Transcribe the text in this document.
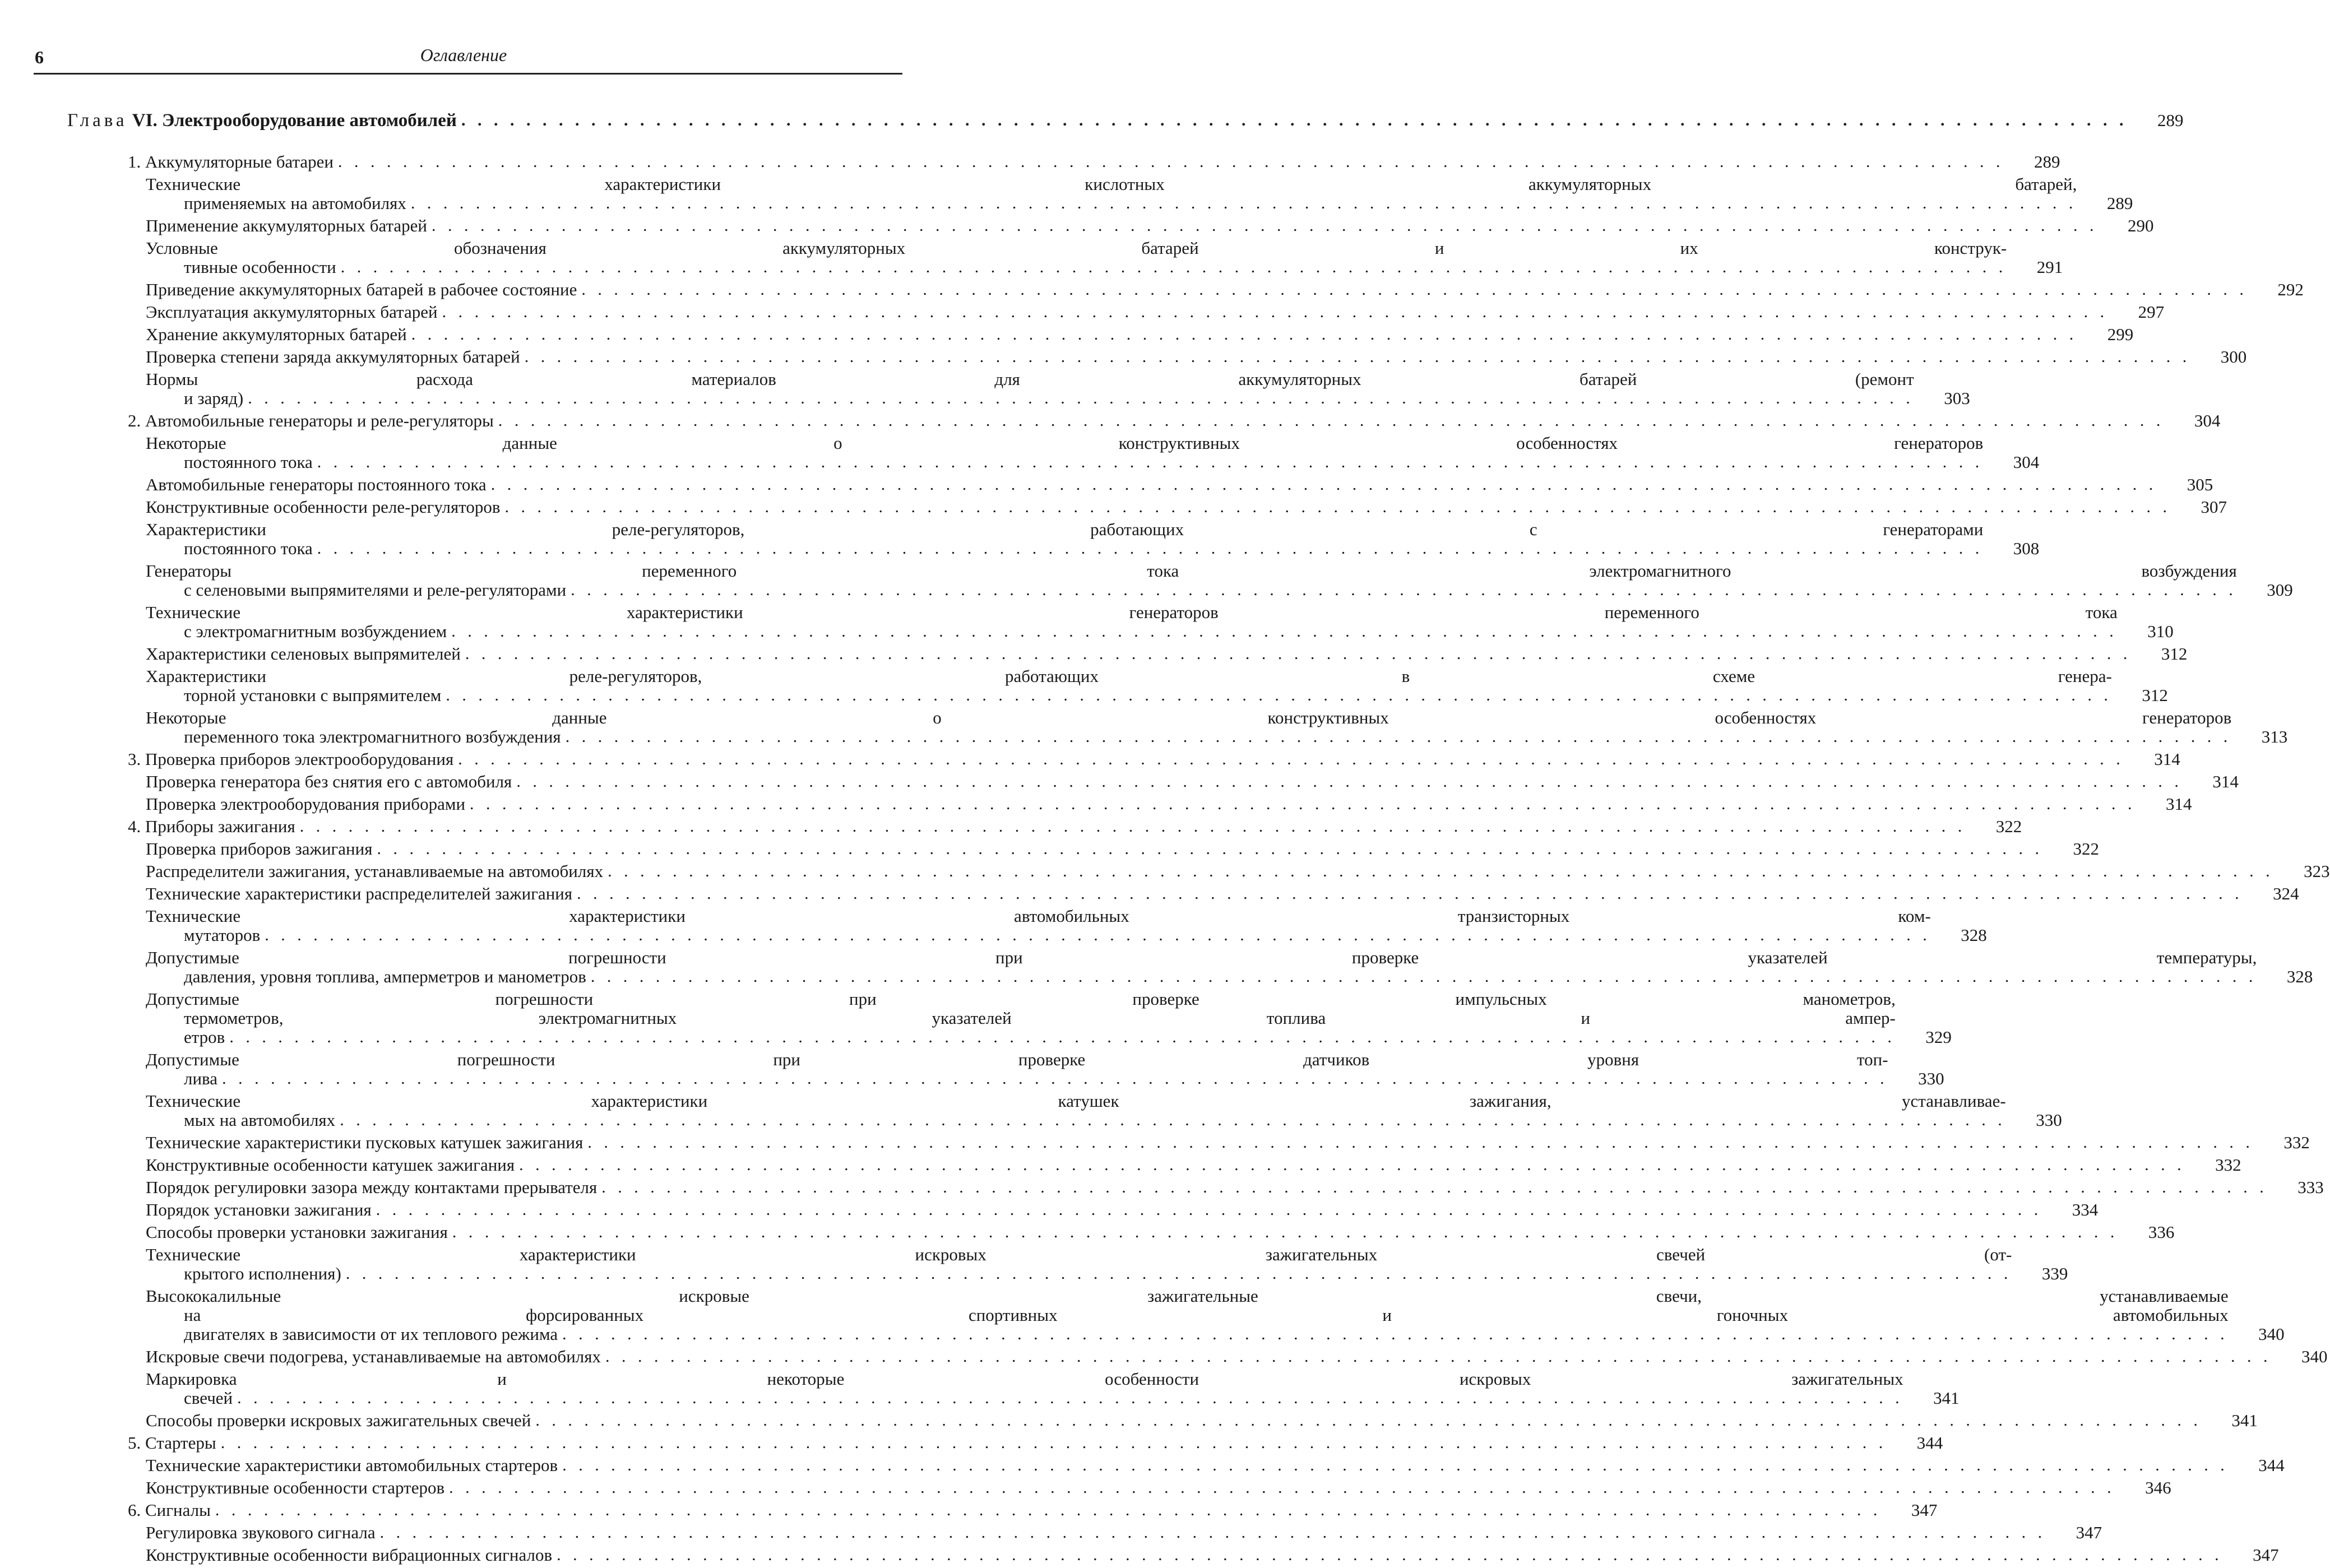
6	Оглавление
Глава VI. Электрооборудование автомобилей . . .	289
1. Аккумуляторные батареи . . .	289
Технические характеристики кислотных аккумуляторных батарей,
применяемых на автомобилях . . .	289
Применение аккумуляторных батарей . . .	290
Условные обозначения аккумуляторных батарей и их конструк-
тивные особенности . . .	291
Приведение аккумуляторных батарей в рабочее состояние . . .	292
Эксплуатация аккумуляторных батарей . . .	297
Хранение аккумуляторных батарей . . .	299
Проверка степени заряда аккумуляторных батарей . . .	300
Нормы расхода материалов для аккумуляторных батарей (ремонт
и заряд) . . .	303
2. Автомобильные генераторы и реле-регуляторы . . .	304
Некоторые данные о конструктивных особенностях генераторов
постоянного тока . . .	304
Автомобильные генераторы постоянного тока . . .	305
Конструктивные особенности реле-регуляторов . . .	307
Характеристики реле-регуляторов, работающих с генераторами
постоянного тока . . .	308
Генераторы переменного тока электромагнитного возбуждения
с селеновыми выпрямителями и реле-регуляторами . . .	309
Технические характеристики генераторов переменного тока
с электромагнитным возбуждением . . .	310
Характеристики селеновых выпрямителей . . .	312
Характеристики реле-регуляторов, работающих в схеме генера-
торной установки с выпрямителем . . .	312
Некоторые данные о конструктивных особенностях генераторов
переменного тока электромагнитного возбуждения . . .	313
3. Проверка приборов электрооборудования . . .	314
Проверка генератора без снятия его с автомобиля . . .	314
Проверка электрооборудования приборами . . .	314
4. Приборы зажигания . . .	322
Проверка приборов зажигания . . .	322
Распределители зажигания, устанавливаемые на автомобилях . . .	323
Технические характеристики распределителей зажигания . . .	324
Технические характеристики автомобильных транзисторных ком-
мутаторов . . .	328
Допустимые погрешности при проверке указателей температуры,
давления, уровня топлива, амперметров и манометров . . .	328
Допустимые погрешности при проверке импульсных манометров,
термометров, электромагнитных указателей топлива и ампер-
етров . . .	329
Допустимые погрешности при проверке датчиков уровня топ-
лива . . .	330
Технические характеристики катушек зажигания, устанавливае-
мых на автомобилях . . .	330
Технические характеристики пусковых катушек зажигания . . .	332
Конструктивные особенности катушек зажигания . . .	332
Порядок регулировки зазора между контактами прерывателя . . .	333
Порядок установки зажигания . . .	334
Способы проверки установки зажигания . . .	336
Технические характеристики искровых зажигательных свечей (от-
крытого исполнения) . . .	339
Высококалильные искровые зажигательные свечи, устанавливаемые
на форсированных спортивных и гоночных автомобильных
двигателях в зависимости от их теплового режима . . .	340
Искровые свечи подогрева, устанавливаемые на автомобилях . . .	340
Маркировка и некоторые особенности искровых зажигательных
свечей . . .	341
Способы проверки искровых зажигательных свечей . . .	341
5. Стартеры . . .	344
Технические характеристики автомобильных стартеров . . .	344
Конструктивные особенности стартеров . . .	346
6. Сигналы . . .	347
Регулировка звукового сигнала . . .	347
Конструктивные особенности вибрационных сигналов . . .	347
